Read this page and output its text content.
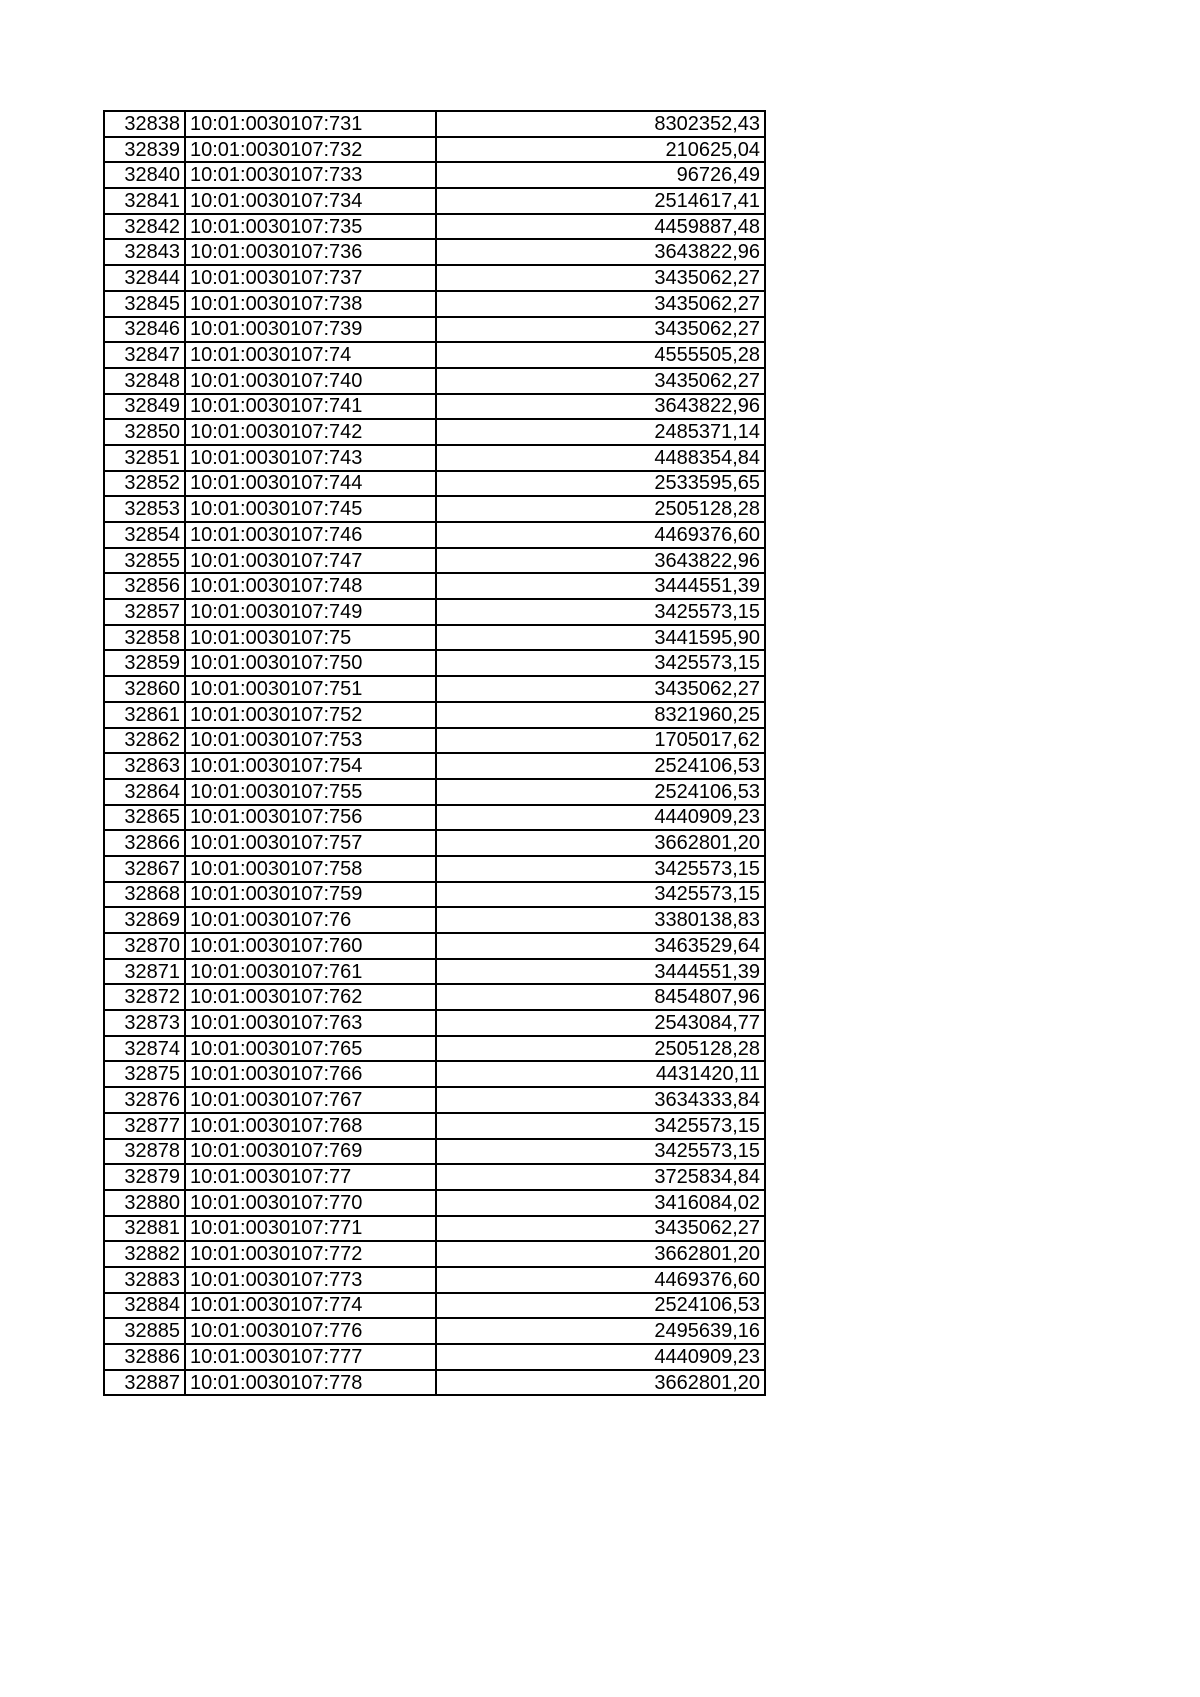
32838	10:01:0030107:731	8302352,43
32839	10:01:0030107:732	210625,04
32840	10:01:0030107:733	96726,49
32841	10:01:0030107:734	2514617,41
32842	10:01:0030107:735	4459887,48
32843	10:01:0030107:736	3643822,96
32844	10:01:0030107:737	3435062,27
32845	10:01:0030107:738	3435062,27
32846	10:01:0030107:739	3435062,27
32847	10:01:0030107:74	4555505,28
32848	10:01:0030107:740	3435062,27
32849	10:01:0030107:741	3643822,96
32850	10:01:0030107:742	2485371,14
32851	10:01:0030107:743	4488354,84
32852	10:01:0030107:744	2533595,65
32853	10:01:0030107:745	2505128,28
32854	10:01:0030107:746	4469376,60
32855	10:01:0030107:747	3643822,96
32856	10:01:0030107:748	3444551,39
32857	10:01:0030107:749	3425573,15
32858	10:01:0030107:75	3441595,90
32859	10:01:0030107:750	3425573,15
32860	10:01:0030107:751	3435062,27
32861	10:01:0030107:752	8321960,25
32862	10:01:0030107:753	1705017,62
32863	10:01:0030107:754	2524106,53
32864	10:01:0030107:755	2524106,53
32865	10:01:0030107:756	4440909,23
32866	10:01:0030107:757	3662801,20
32867	10:01:0030107:758	3425573,15
32868	10:01:0030107:759	3425573,15
32869	10:01:0030107:76	3380138,83
32870	10:01:0030107:760	3463529,64
32871	10:01:0030107:761	3444551,39
32872	10:01:0030107:762	8454807,96
32873	10:01:0030107:763	2543084,77
32874	10:01:0030107:765	2505128,28
32875	10:01:0030107:766	4431420,11
32876	10:01:0030107:767	3634333,84
32877	10:01:0030107:768	3425573,15
32878	10:01:0030107:769	3425573,15
32879	10:01:0030107:77	3725834,84
32880	10:01:0030107:770	3416084,02
32881	10:01:0030107:771	3435062,27
32882	10:01:0030107:772	3662801,20
32883	10:01:0030107:773	4469376,60
32884	10:01:0030107:774	2524106,53
32885	10:01:0030107:776	2495639,16
32886	10:01:0030107:777	4440909,23
32887	10:01:0030107:778	3662801,20
